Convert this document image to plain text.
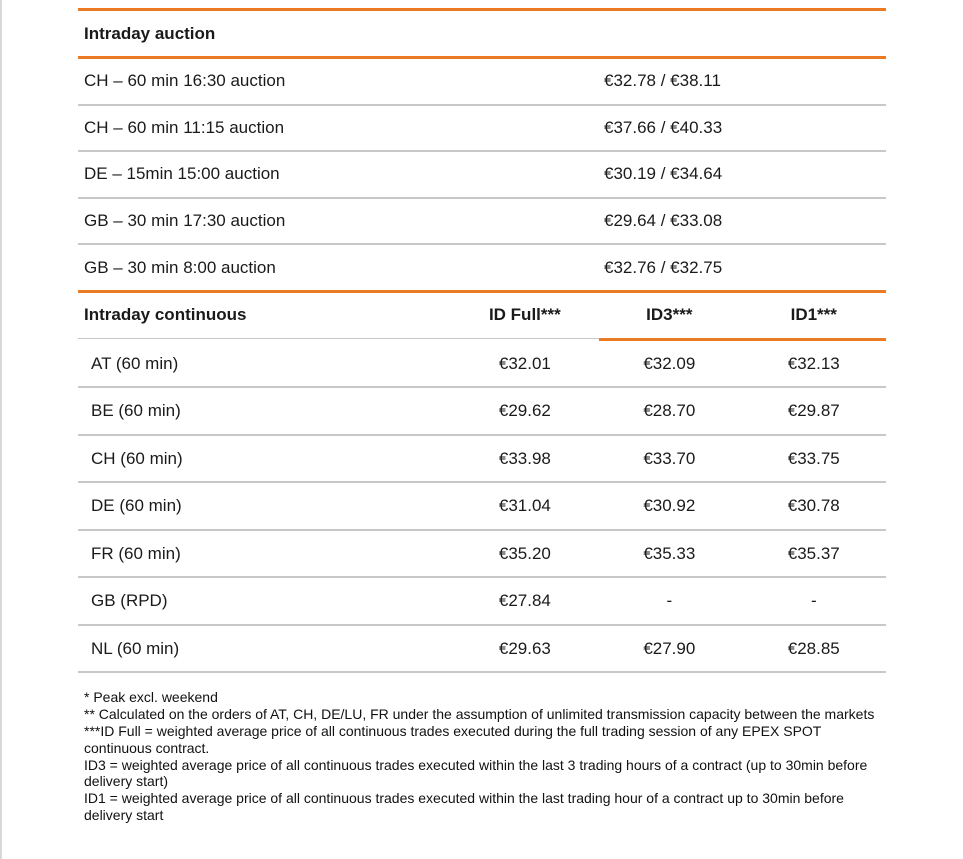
Intraday auction
CH – 60 min 16:30 auction	€32.78 / €38.11
CH – 60 min 11:15 auction	€37.66 / €40.33
DE – 15min 15:00 auction	€30.19 / €34.64
GB – 30 min 17:30 auction	€29.64 / €33.08
GB – 30 min 8:00 auction	€32.76 / €32.75
Intraday continuous	ID Full***	ID3***	ID1***
AT (60 min)	€32.01	€32.09	€32.13
BE (60 min)	€29.62	€28.70	€29.87
CH (60 min)	€33.98	€33.70	€33.75
DE (60 min)	€31.04	€30.92	€30.78
FR (60 min)	€35.20	€35.33	€35.37
GB (RPD)	€27.84	-	-
NL (60 min)	€29.63	€27.90	€28.85
* Peak excl. weekend
** Calculated on the orders of AT, CH, DE/LU, FR under the assumption of unlimited transmission capacity between the markets
***ID Full = weighted average price of all continuous trades executed during the full trading session of any EPEX SPOT continuous contract.
ID3 = weighted average price of all continuous trades executed within the last 3 trading hours of a contract (up to 30min before delivery start)
ID1 = weighted average price of all continuous trades executed within the last trading hour of a contract up to 30min before delivery start
